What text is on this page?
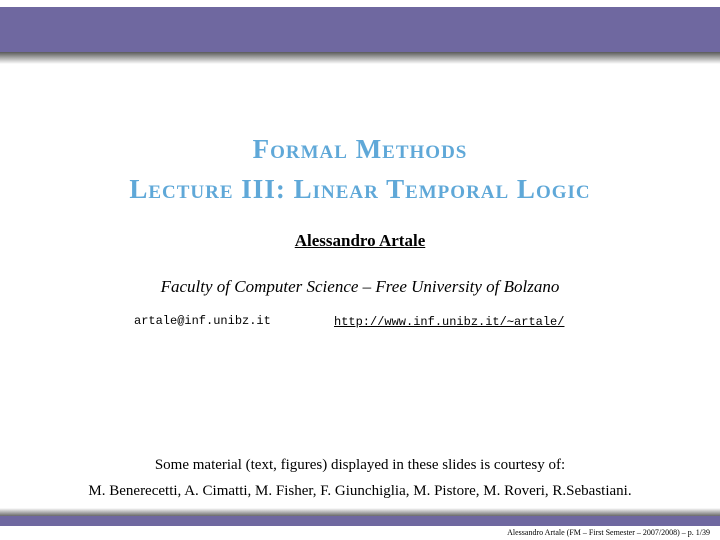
Formal Methods
Lecture III: Linear Temporal Logic
Alessandro Artale
Faculty of Computer Science – Free University of Bolzano
artale@inf.unibz.it	http://www.inf.unibz.it/∼artale/
Some material (text, figures) displayed in these slides is courtesy of:
M. Benerecetti, A. Cimatti, M. Fisher, F. Giunchiglia, M. Pistore, M. Roveri, R.Sebastiani.
Alessandro Artale (FM – First Semester – 2007/2008) – p. 1/39
